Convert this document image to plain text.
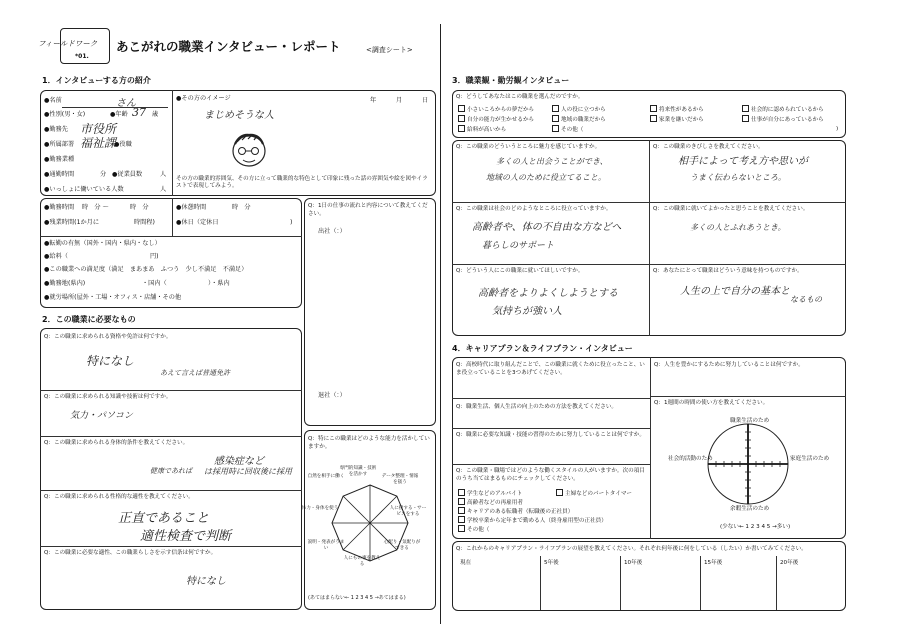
フィールドワーク
*01.
あこがれの職業インタビュー・レポート	<調査シート>
1．インタビューする方の紹介
●名前	さん
●性別(男・女)	●年齢 37 歳
●勤務先 市役所
●所属部署 福祉課
●役職
●勤務業種
●通勤時間	分 ●従業員数	人
●いっしょに働いている人数	人
●その方のイメージ	年	月	日
まじめそうな人
その方の職業的雰囲気、その方に立って職業的な特色として印象に残った話の雰囲気や絵を図やイラストで表現してみよう。
●勤務時間 時　分 ～	時　分	●休憩時間	時　分
●残業時間(1か月に	時間程)	●休日（定休日	)
●転勤の有無（国外・国内・県内・なし）
●給料（	円)
●この職業への満足度（満足　まあまあ　ふつう　少し不満足　不満足）
●勤務地(県内)	・国内（	）・県内
●就労場所(屋外・工場・オフィス・店舗・その他
Q：1日の仕事の流れと内容について教えてください。
出社（：）
退社（：）
2．この職業に必要なもの
Q：この職業に求められる資格や免許は何ですか。
特になし
あえて言えば普通免許
Q：この職業に求められる知識や技術は何ですか。
気力・パソコン
Q：この職業に求められる身体的条件を教えてください。
健康であれば
感染症など
は採用時に回収後に採用
Q：この職業に求められる性格的な適性を教えてください。
正直であること
適性検査で判断
Q：この職業に必要な適性、この職業らしさを示す信条は何ですか。
特になし
Q：特にこの職業はどのような能力を活かしていますか。
専門的知識・技術を活かす	データ整理・情報を扱う
人に接する・サービスをする
心配り・気配りができる
人にもの事を教える
説明・発表がうまい
体力・身体を使う
自然を相手に働く
(あてはまらない← 1 2 3 4 5 →あてはまる)
3．職業観・勤労観インタビュー
Q：どうしてあなたはこの職業を選んだのですか。
小さいころからの夢だから	人の役に立つから	将来性があるから	社会的に認められているから
自分の能力が生かせるから	地域の職業だから	家業を継いだから	仕事が自分にあっているから
給料が高いから	その他（	)
Q：この職業のどういうところに魅力を感じていますか。
多くの人と出会うことができ、
地域の人のために役立てること。
Q：この職業のきびしさを教えてください。
相手によって考え方や思いが
うまく伝わらないところ。
Q：この職業は社会のどのようなところに役立っていますか。
高齢者や、体の不自由な方などへ
暮らしのサポート
Q：この職業に就いてよかったと思うことを教えてください。
多くの人とふれあうとき。
Q：どういう人にこの職業に就いてほしいですか。
高齢者をよりよくしようとする
気持ちが強い人
Q：あなたにとって職業はどういう意味を持つものですか。
人生の上で自分の基本と
なるもの
4．キャリアプラン＆ライフプラン・インタビュー
Q：高校時代に取り組んだことで、この職業に就くために役立ったこと、いま役立っていることを3つあげてください。
Q：人生を豊かにするために努力していることは何ですか。
Q：職業生活、個人生活の向上のための方法を教えてください。
Q：職業に必要な知識・技能の習得のために努力していることは何ですか。
Q：1週間の時間の使い方を教えてください。
職業生活のため
社会的活動のため	家庭生活のため
余暇生活のため
(少ない← 1 2 3 4 5 →多い)
Q：この職業・職場ではどのような働くスタイルの人がいますか。次の項目のうち当てはまるものにチェックしてください。
学生などのアルバイト	主婦などのパートタイマー
高齢者などの再雇用者
キャリアのある転職者（転職後の正社員）
学校卒業から定年まで勤める人（終身雇用型の正社員）
その他（
Q：これからのキャリアプラン・ライフプランの展望を教えてください。それぞれ何年後に何をしている（したい）か書いてみてください。
現在	5年後	10年後	15年後	20年後
